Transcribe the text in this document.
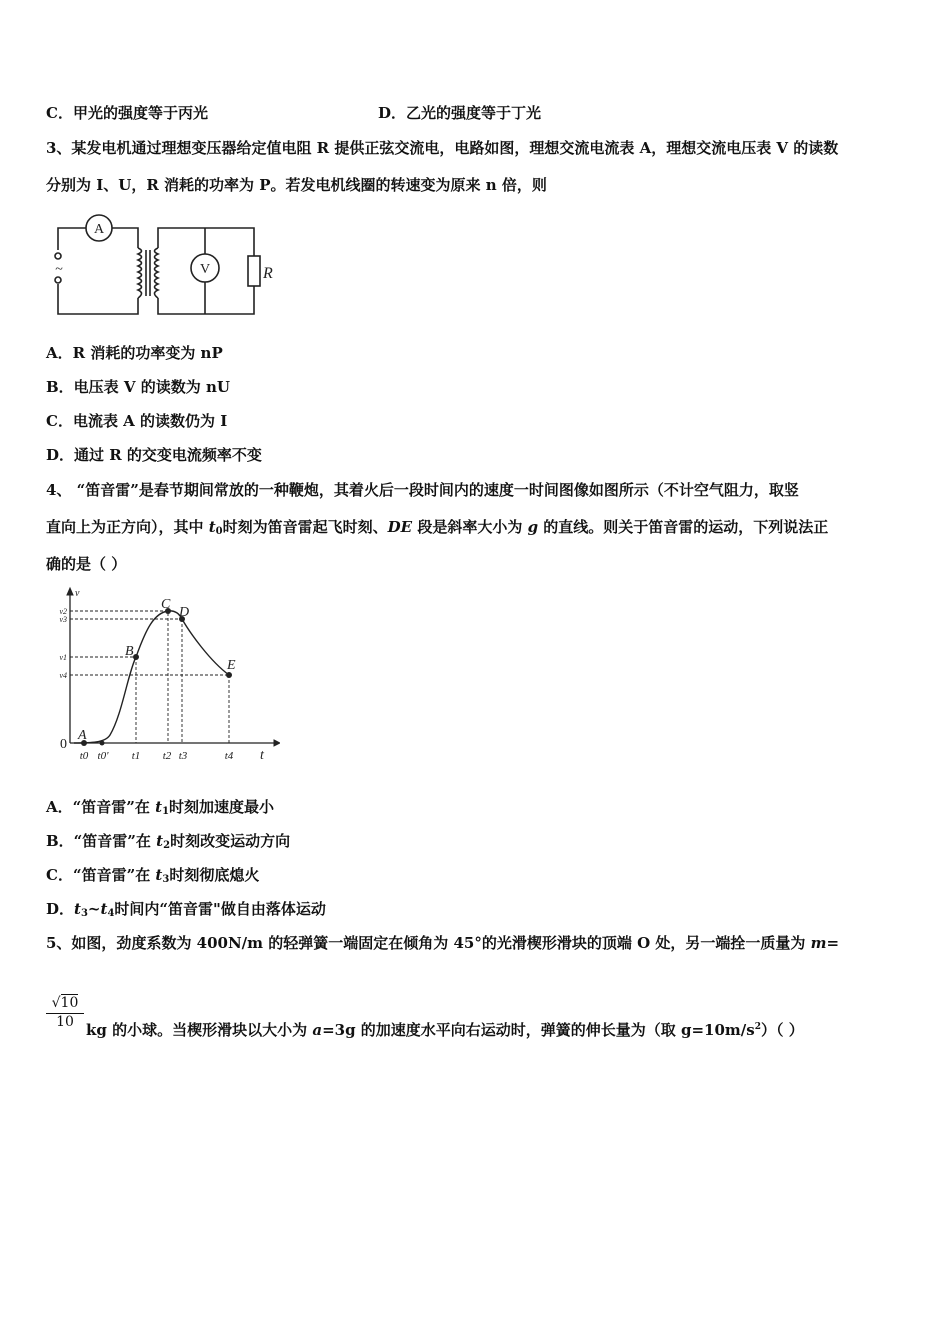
C．甲光的强度等于丙光	D．乙光的强度等于丁光
3、某发电机通过理想变压器给定值电阻 R 提供正弦交流电，电路如图，理想交流电流表 A，理想交流电压表 V 的读数
分别为 I、U，R 消耗的功率为 P。若发电机线圈的转速变为原来 n 倍，则
A
V	R
~
A．R 消耗的功率变为 nP
B．电压表 V 的读数为 nU
C．电流表 A 的读数仍为 I
D．通过 R 的交变电流频率不变
4、 “笛音雷”是春节期间常放的一种鞭炮，其着火后一段时间内的速度一时间图像如图所示（不计空气阻力，取竖
直向上为正方向），其中 $t_0$时刻为笛音雷起飞时刻、DE 段是斜率大小为 g 的直线。则关于笛音雷的运动，下列说法正
确的是（ ）
A
B
C
D
E
v
t
0
v2
v3
v1
v4
t0 t0' t1 t2 t3	t4
A．“笛音雷”在 $t_1$时刻加速度最小
B．“笛音雷”在 $t_2$时刻改变运动方向
C．“笛音雷”在 $t_3$时刻彻底熄火
D．$t_3\sim t_4$时间内“笛音雷"做自由落体运动
5、如图，劲度系数为 400N/m 的轻弹簧一端固定在倾角为 45°的光滑楔形滑块的顶端 O 处，另一端拴一质量为 m=
$\frac{√10}{10}$ kg 的小球。当楔形滑块以大小为 a=3g 的加速度水平向右运动时，弹簧的伸长量为（取 $g=10m/s^2$）（ ）
